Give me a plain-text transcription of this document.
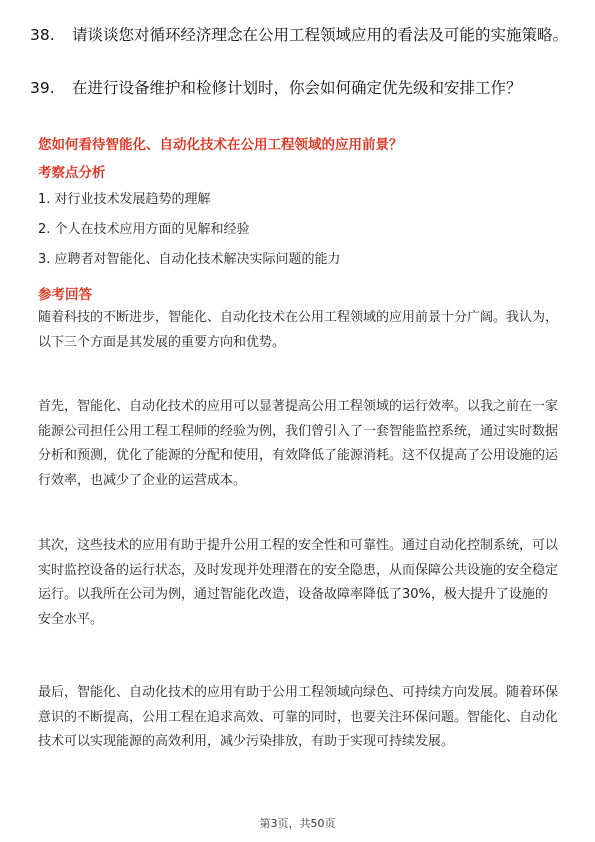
38.	请谈谈您对循环经济理念在公用工程领域应用的看法及可能的实施策略。
39.	在进行设备维护和检修计划时，你会如何确定优先级和安排工作？
您如何看待智能化、自动化技术在公用工程领域的应用前景？
考察点分析
1. 对行业技术发展趋势的理解
2. 个人在技术应用方面的见解和经验
3. 应聘者对智能化、自动化技术解决实际问题的能力
参考回答

随着科技的不断进步，智能化、自动化技术在公用工程领域的应用前景十分广阔。我认为，以下三个方面是其发展的重要方向和优势。

首先，智能化、自动化技术的应用可以显著提高公用工程领域的运行效率。以我之前在一家能源公司担任公用工程工程师的经验为例，我们曾引入了一套智能监控系统，通过实时数据分析和预测，优化了能源的分配和使用，有效降低了能源消耗。这不仅提高了公用设施的运行效率，也减少了企业的运营成本。

其次，这些技术的应用有助于提升公用工程的安全性和可靠性。通过自动化控制系统，可以实时监控设备的运行状态，及时发现并处理潜在的安全隐患，从而保障公共设施的安全稳定运行。以我所在公司为例，通过智能化改造，设备故障率降低了30%，极大提升了设施的安全水平。

最后，智能化、自动化技术的应用有助于公用工程领域向绿色、可持续方向发展。随着环保意识的不断提高，公用工程在追求高效、可靠的同时，也要关注环保问题。智能化、自动化技术可以实现能源的高效利用，减少污染排放，有助于实现可持续发展。

第3页，共50页
